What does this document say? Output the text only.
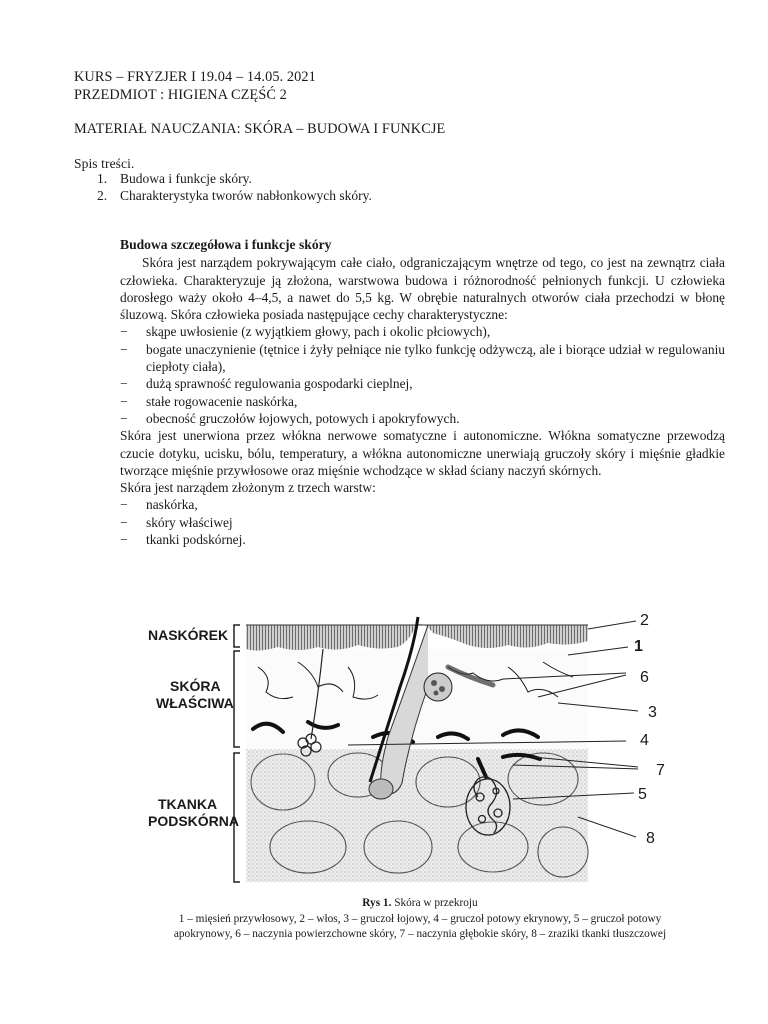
KURS – FRYZJER I 19.04 – 14.05. 2021
PRZEDMIOT : HIGIENA CZĘŚĆ 2
MATERIAŁ NAUCZANIA: SKÓRA – BUDOWA I FUNKCJE
Spis treści.
1. Budowa i funkcje skóry.
2. Charakterystyka tworów nabłonkowych skóry.
Budowa szczegółowa i funkcje skóry

Skóra jest narządem pokrywającym całe ciało, odgraniczającym wnętrze od tego, co jest na zewnątrz ciała człowieka. Charakteryzuje ją złożona, warstwowa budowa i różnorodność pełnionych funkcji. U człowieka dorosłego waży około 4–4,5, a nawet do 5,5 kg. W obrębie naturalnych otworów ciała przechodzi w błonę śluzową. Skóra człowieka posiada następujące cechy charakterystyczne:

− skąpe uwłosienie (z wyjątkiem głowy, pach i okolic płciowych),
− bogate unaczynienie (tętnice i żyły pełniące nie tylko funkcję odżywczą, ale i biorące udział w regulowaniu ciepłoty ciała),
− dużą sprawność regulowania gospodarki cieplnej,
− stałe rogowacenie naskórka,
− obecność gruczołów łojowych, potowych i apokryfowych.

Skóra jest unerwiona przez włókna nerwowe somatyczne i autonomiczne. Włókna somatyczne przewodzą czucie dotyku, ucisku, bólu, temperatury, a włókna autonomiczne unerwiają gruczoły skóry i mięśnie gładkie tworzące mięśnie przywłosowe oraz mięśnie wchodzące w skład ściany naczyń skórnych.

Skóra jest narządem złożonym z trzech warstw:

− naskórka,
− skóry właściwej
− tkanki podskórnej.
NASKÓREK
SKÓRA
WŁAŚCIWA
TKANKA
PODSKÓRNA
2
1
6
3
4
7
5
8
Rys 1. Skóra w przekroju
1 – mięsień przywłosowy, 2 – włos, 3 – gruczoł łojowy, 4 – gruczoł potowy ekrynowy, 5 – gruczoł potowy
apokrynowy, 6 – naczynia powierzchowne skóry, 7 – naczynia głębokie skóry, 8 – zraziki tkanki tłuszczowej
